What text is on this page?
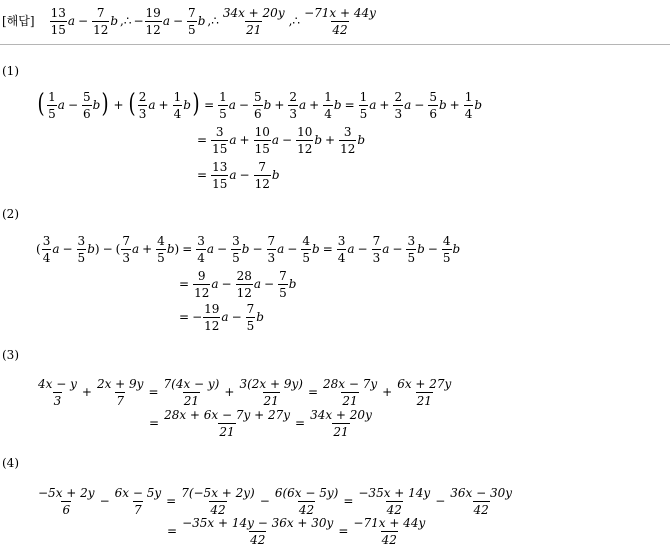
[해답] $\frac{13}{15}$ $a - \frac{7}{12}$ b ,∴ − $\frac{19}{12}$ $a - \frac{7}{5}$ b ,∴ $\frac{34x + 20y}{21}$ ,∴ $\frac{-71x + 44y}{42}$
(1)
( $\frac{1}{5}$ $a - \frac{5}{6}$ b ) + ( $\frac{2}{3}$ $a + \frac{1}{4}$ b ) = $\frac{1}{5}$ $a - \frac{5}{6}$ $b + \frac{2}{3}$ $a + \frac{1}{4}$ $b = \frac{1}{5}$ $a + \frac{2}{3}$ $a - \frac{5}{6}$ $b + \frac{1}{4}$ b
= $\frac{3}{15}$ $a + \frac{10}{15}$ $a - \frac{10}{12}$ $b + \frac{3}{12}$ b
= $\frac{13}{15}$ $a - \frac{7}{12}$ b
(2)
( $\frac{3}{4}$ $a - \frac{3}{5}$ b ) − ( $\frac{7}{3}$ $a + \frac{4}{5}$ b ) = $\frac{3}{4}$ $a - \frac{3}{5}$ $b - \frac{7}{3}$ $a - \frac{4}{5}$ $b = \frac{3}{4}$ $a - \frac{7}{3}$ $a - \frac{3}{5}$ $b - \frac{4}{5}$ b
= $\frac{9}{12}$ $a - \frac{28}{12}$ $a - \frac{7}{5}$ b
= − $\frac{19}{12}$ $a - \frac{7}{5}$ b
(3)
$\frac{4x - y}{3} + \frac{2x + 9y}{7} = \frac{7(4x - y)}{21} + \frac{3(2x + 9y)}{21} = \frac{28x - 7y}{21} + \frac{6x + 27y}{21}$
= $\frac{28x + 6x - 7y + 27y}{21} = \frac{34x + 20y}{21}$
(4)
$\frac{-5x + 2y}{6} - \frac{6x - 5y}{7} = \frac{7(-5x + 2y)}{42} - \frac{6(6x - 5y)}{42} = \frac{-35x + 14y}{42} - \frac{36x - 30y}{42}$
= $\frac{-35x + 14y - 36x + 30y}{42} = \frac{-71x + 44y}{42}$
